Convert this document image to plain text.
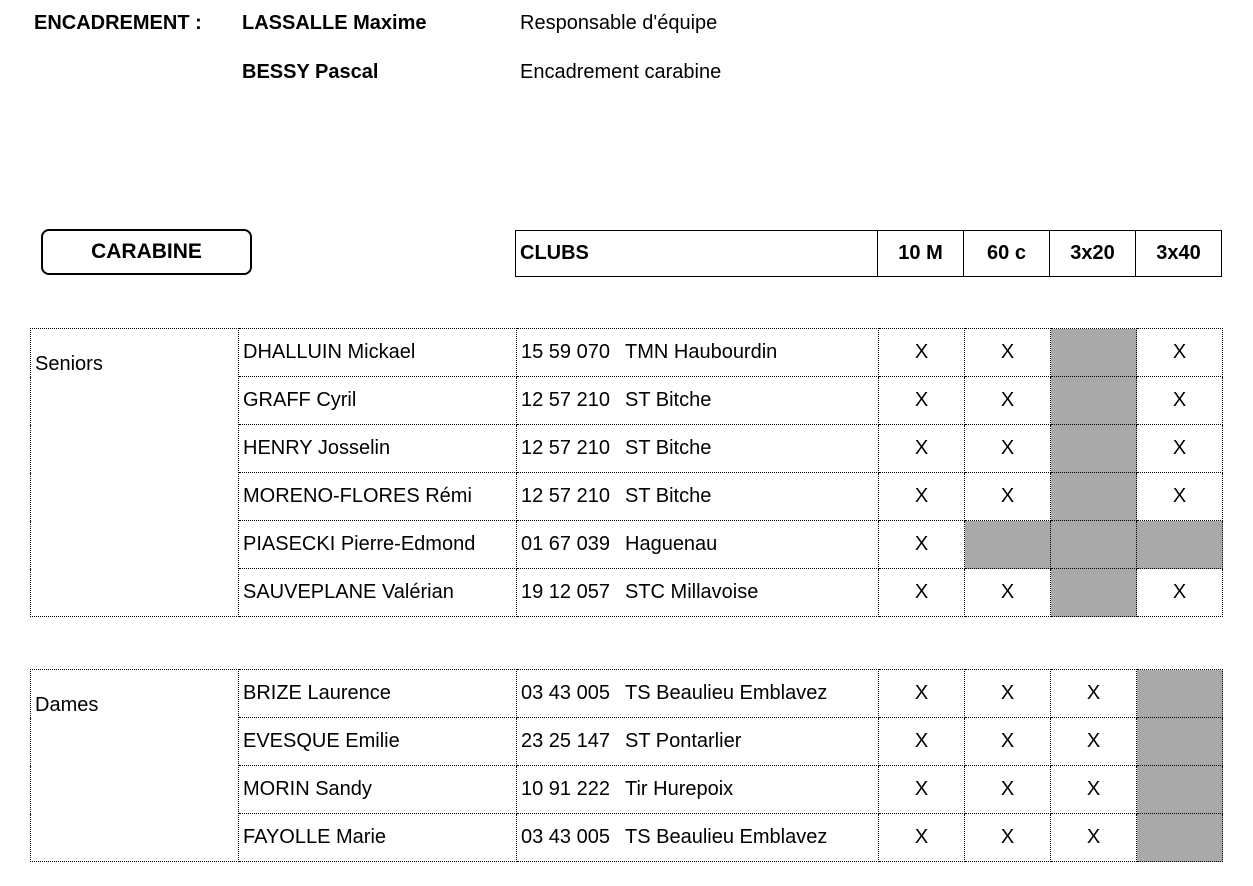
ENCADREMENT : LASSALLE Maxime	Responsable d'équipe
BESSY Pascal	Encadrement carabine
CARABINE	CLUBS	10 M	60 c	3x20	3x40
Seniors	DHALLUIN Mickael	15 59 070 TMN Haubourdin	X	X		X
	GRAFF Cyril	12 57 210 ST Bitche	X	X		X
	HENRY Josselin	12 57 210 ST Bitche	X	X		X
	MORENO-FLORES Rémi	12 57 210 ST Bitche	X	X		X
	PIASECKI Pierre-Edmond	01 67 039 Haguenau	X			
	SAUVEPLANE Valérian	19 12 057 STC Millavoise	X	X		X
Dames	BRIZE Laurence	03 43 005 TS Beaulieu Emblavez	X	X	X	
	EVESQUE Emilie	23 25 147 ST Pontarlier	X	X	X	
	MORIN Sandy	10 91 222 Tir Hurepoix	X	X	X	
	FAYOLLE Marie	03 43 005 TS Beaulieu Emblavez	X	X	X	
